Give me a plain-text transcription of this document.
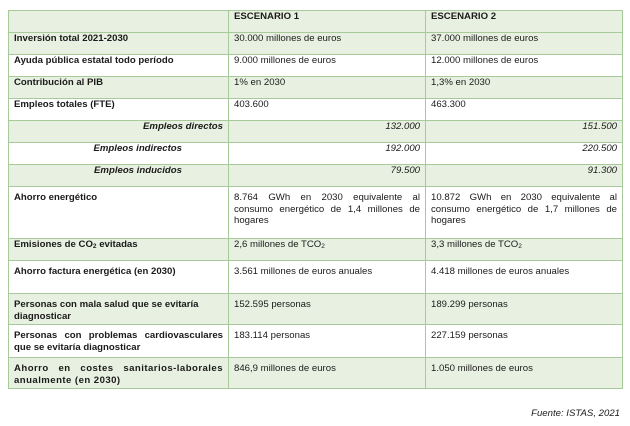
	ESCENARIO 1	ESCENARIO 2
Inversión total 2021-2030	30.000 millones de euros	37.000 millones de euros
Ayuda pública estatal todo período	9.000 millones de euros	12.000 millones de euros
Contribución al PIB	1% en 2030	1,3% en 2030
Empleos totales (FTE)	403.600	463.300
Empleos directos	132.000	151.500
Empleos indirectos	192.000	220.500
Empleos inducidos	79.500	91.300
Ahorro energético	8.764 GWh en 2030 equivalente al consumo energético de 1,4 millones de hogares	10.872 GWh en 2030 equivalente al consumo energético de 1,7 millones de hogares
Emisiones de $CO_2$ evitadas	2,6 millones de $TCO_2$	3,3 millones de $TCO_2$
Ahorro factura energética (en 2030)	3.561 millones de euros anuales	4.418 millones de euros anuales
Personas con mala salud que se evitaría diagnosticar	152.595 personas	189.299 personas
Personas con problemas cardiovasculares que se evitaría diagnosticar	183.114 personas	227.159 personas
Ahorro en costes sanitarios-laborales anualmente (en 2030)	846,9 millones de euros	1.050 millones de euros
Fuente: ISTAS, 2021
